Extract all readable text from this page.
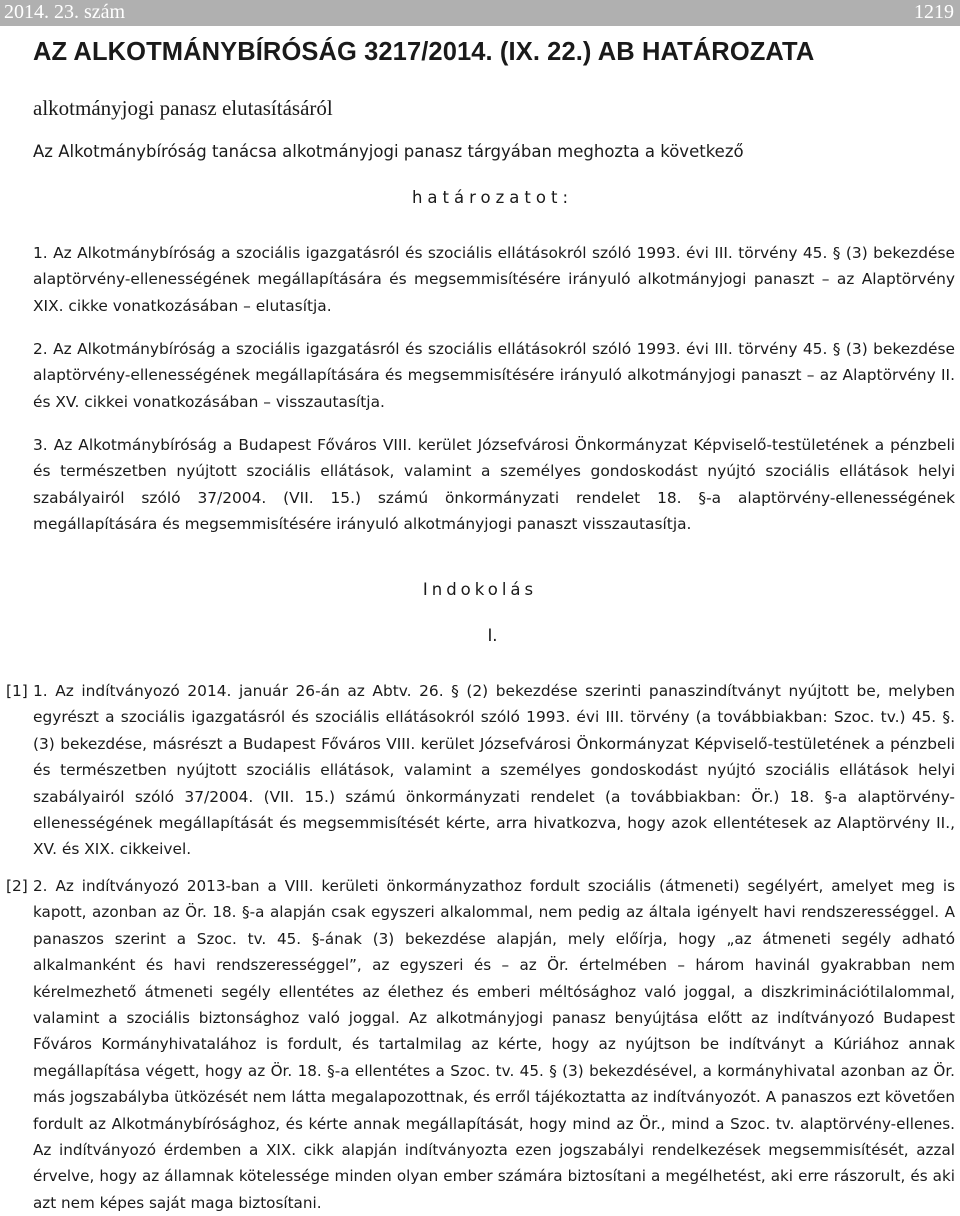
2014. 23. szám	1219
AZ ALKOTMÁNYBÍRÓSÁG 3217/2014. (IX. 22.) AB HATÁROZATA
alkotmányjogi panasz elutasításáról
Az Alkotmánybíróság tanácsa alkotmányjogi panasz tárgyában meghozta a következő
határozatot:

1. Az Alkotmánybíróság a szociális igazgatásról és szociális ellátásokról szóló 1993. évi III. törvény 45. § (3) bekezdése alaptörvény-ellenességének megállapítására és megsemmisítésére irányuló alkotmányjogi panaszt – az Alaptörvény XIX. cikke vonatkozásában – elutasítja.

2. Az Alkotmánybíróság a szociális igazgatásról és szociális ellátásokról szóló 1993. évi III. törvény 45. § (3) bekezdése alaptörvény-ellenességének megállapítására és megsemmisítésére irányuló alkotmányjogi panaszt – az Alaptörvény II. és XV. cikkei vonatkozásában – visszautasítja.

3. Az Alkotmánybíróság a Budapest Főváros VIII. kerület Józsefvárosi Önkormányzat Képviselő-testületének a pénzbeli és természetben nyújtott szociális ellátások, valamint a személyes gondoskodást nyújtó szociális ellátások helyi szabályairól szóló 37/2004. (VII. 15.) számú önkormányzati rendelet 18. §-a alaptörvény-ellenességének megállapítására és megsemmisítésére irányuló alkotmányjogi panaszt visszautasítja.

Indokolás
I.
[1] 1. Az indítványozó 2014. január 26-án az Abtv. 26. § (2) bekezdése szerinti panaszindítványt nyújtott be, melyben egyrészt a szociális igazgatásról és szociális ellátásokról szóló 1993. évi III. törvény (a továbbiakban: Szoc. tv.) 45. §. (3) bekezdése, másrészt a Budapest Főváros VIII. kerület Józsefvárosi Önkormányzat Képviselő-testületének a pénzbeli és természetben nyújtott szociális ellátások, valamint a személyes gondoskodást nyújtó szociális ellátások helyi szabályairól szóló 37/2004. (VII. 15.) számú önkormányzati rendelet (a továbbiakban: Ör.) 18. §-a alaptörvény-ellenességének megállapítását és megsemmisítését kérte, arra hivatkozva, hogy azok ellentétesek az Alaptörvény II., XV. és XIX. cikkeivel.

[2] 2. Az indítványozó 2013-ban a VIII. kerületi önkormányzathoz fordult szociális (átmeneti) segélyért, amelyet meg is kapott, azonban az Ör. 18. §-a alapján csak egyszeri alkalommal, nem pedig az általa igényelt havi rendszerességgel. A panaszos szerint a Szoc. tv. 45. §-ának (3) bekezdése alapján, mely előírja, hogy „az átmeneti segély adható alkalmanként és havi rendszerességgel”, az egyszeri és – az Ör. értelmében – három havinál gyakrabban nem kérelmezhető átmeneti segély ellentétes az élethez és emberi méltósághoz való joggal, a diszkriminációtilalommal, valamint a szociális biztonsághoz való joggal. Az alkotmányjogi panasz benyújtása előtt az indítványozó Budapest Főváros Kormányhivatalához is fordult, és tartalmilag az kérte, hogy az nyújtson be indítványt a Kúriához annak megállapítása végett, hogy az Ör. 18. §-a ellentétes a Szoc. tv. 45. § (3) bekezdésével, a kormányhivatal azonban az Ör. más jogszabályba ütközését nem látta megalapozottnak, és erről tájékoztatta az indítványozót. A panaszos ezt követően fordult az Alkotmánybírósághoz, és kérte annak megállapítását, hogy mind az Ör., mind a Szoc. tv. alaptörvény-ellenes. Az indítványozó érdemben a XIX. cikk alapján indítványozta ezen jogszabályi rendelkezések megsemmisítését, azzal érvelve, hogy az államnak kötelessége minden olyan ember számára biztosítani a megélhetést, aki erre rászorult, és aki azt nem képes saját maga biztosítani.
